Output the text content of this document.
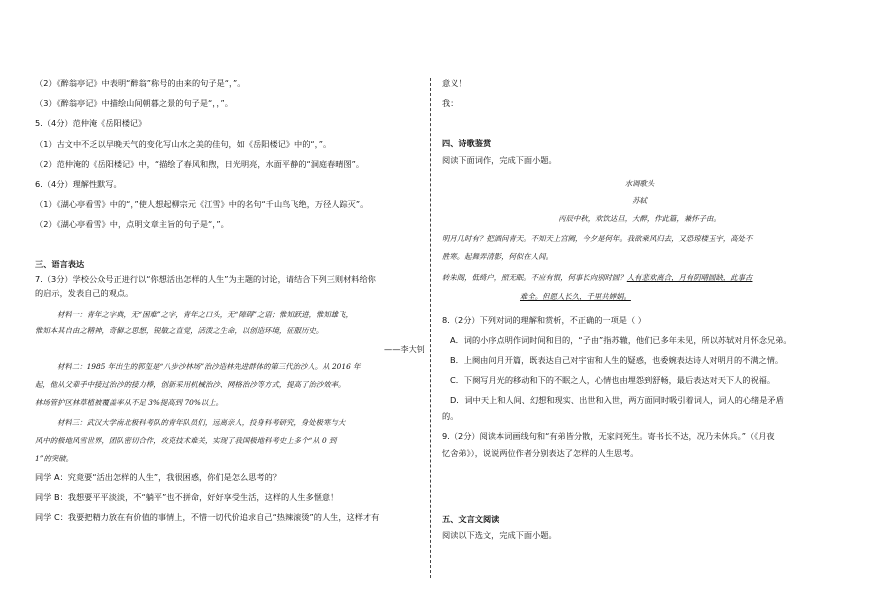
（2）《醉翁亭记》中表明“醉翁”称号的由来的句子是“，”。
（3）《醉翁亭记》中描绘山间朝暮之景的句子是“，，”。
5.（4分）范仲淹《岳阳楼记》
（1）古文中不乏以早晚天气的变化写山水之美的佳句，如《岳阳楼记》中的“，”。
（2）范仲淹的《岳阳楼记》中，“描绘了春风和煦，日光明亮，水面平静的“洞庭春晴图”。
6.（4分）理解性默写。
（1）《湖心亭看雪》中的“，”使人想起柳宗元《江雪》中的名句“千山鸟飞绝，万径人踪灭”。
（2）《湖心亭看雪》中，点明文章主旨的句子是“，”。
三、语言表达
7.（3分）学校公众号正进行以“你想活出怎样的人生”为主题的讨论，请结合下列三则材料给你
的启示，发表自己的观点。
材料一：青年之字典，无“困难”之字，青年之口头，无“障碍”之语；惟知跃进，惟知雄飞，
惟知本其自由之精神，奇僻之思想，锐敏之直觉，活泼之生命，以创造环境，征服历史。
——李大钊
材料二：1985 年出生的郭玺是“八步沙林场”治沙造林先进群体的第三代治沙人。从 2016 年
起，他从父辈手中接过治沙的接力棒，创新采用机械治沙、网格治沙等方式，提高了治沙效率。
林场管护区林草植被覆盖率从不足 3%提高到 70%以上。
材料三：武汉大学南北极科考队的青年队员们，远离亲人，投身科考研究，身处极寒与大
风中的极地风雪世界，团队密切合作，攻克技术难关，实现了我国极地科考史上多个“从 0 到
1”的突破。
同学 A：究竟要“活出怎样的人生”，我很困惑，你们是怎么思考的？
同学 B：我想要平平淡淡，不“躺平”也不拼命，好好享受生活，这样的人生多惬意！
同学 C：我要把精力放在有价值的事情上，不惜一切代价追求自己“热辣滚烫”的人生，这样才有
意义！
我：
四、诗歌鉴赏
阅读下面词作，完成下面小题。
水调歌头
苏轼
丙辰中秋，欢饮达旦，大醉，作此篇，兼怀子由。
明月几时有？把酒问青天。不知天上宫阙，今夕是何年。我欲乘风归去，又恐琼楼玉宇，高处不
胜寒。起舞弄清影，何似在人间。
转朱阁，低绮户，照无眠。不应有恨，何事长向别时圆？人有悲欢离合，月有阴晴圆缺，此事古
难全。但愿人长久，千里共婵娟。
8.（2分）下列对词的理解和赏析，不正确的一项是（ ）
A．词的小序点明作词时间和目的，“子由”指苏辙，他们已多年未见，所以苏轼对月怀念兄弟。
B．上阕由问月开篇，既表达自己对宇宙和人生的疑惑，也委婉表达诗人对明月的不满之情。
C．下阕写月光的移动和下的不眠之人，心情也由埋怨到舒畅，最后表达对天下人的祝福。
D．词中天上和人间、幻想和现实、出世和入世，两方面同时吸引着词人，词人的心绪是矛盾
的。
9.（2分）阅读本词画线句和“有弟皆分散，无家问死生。寄书长不达，况乃未休兵。”（《月夜
忆舍弟》），说说两位作者分别表达了怎样的人生思考。
五、文言文阅读
阅读以下选文，完成下面小题。
